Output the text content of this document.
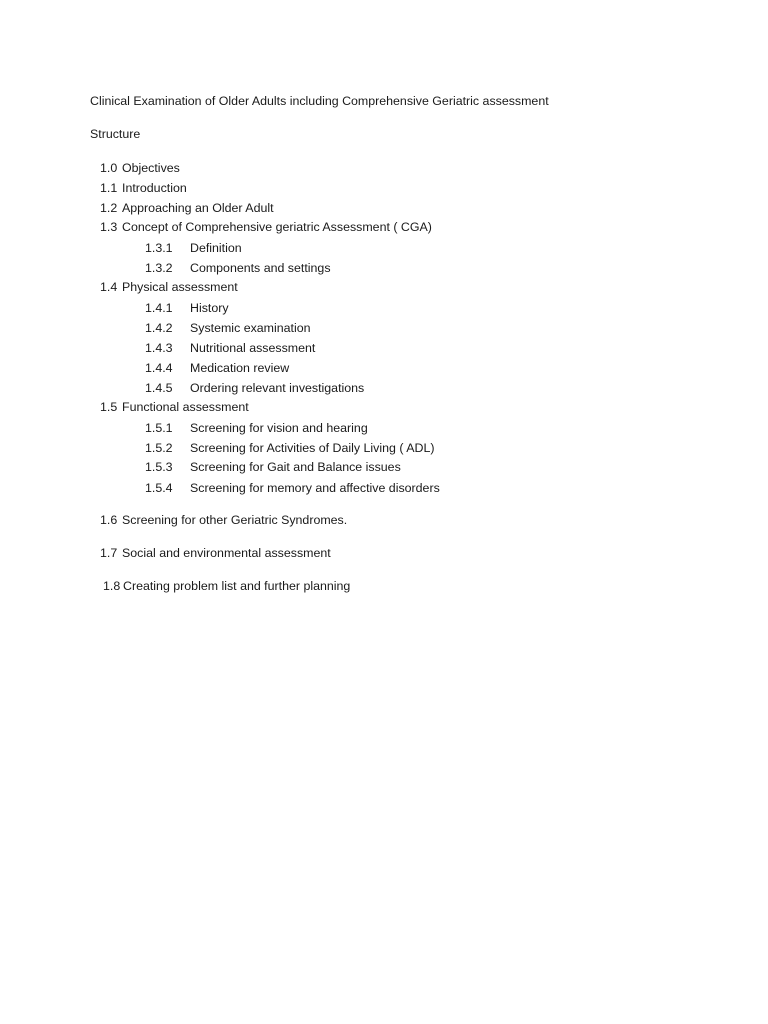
Clinical Examination of Older Adults including Comprehensive Geriatric assessment
Structure
1.0 Objectives
1.1 Introduction
1.2 Approaching an Older Adult
1.3 Concept of Comprehensive geriatric Assessment ( CGA)
1.3.1 Definition
1.3.2 Components and settings
1.4 Physical assessment
1.4.1 History
1.4.2 Systemic examination
1.4.3 Nutritional assessment
1.4.4 Medication review
1.4.5 Ordering relevant investigations
1.5 Functional assessment
1.5.1 Screening for vision and hearing
1.5.2 Screening for Activities of Daily Living ( ADL)
1.5.3 Screening for Gait and Balance issues
1.5.4 Screening for memory and affective disorders
1.6 Screening for other Geriatric Syndromes.
1.7 Social and environmental assessment
1.8 Creating problem list and further planning
